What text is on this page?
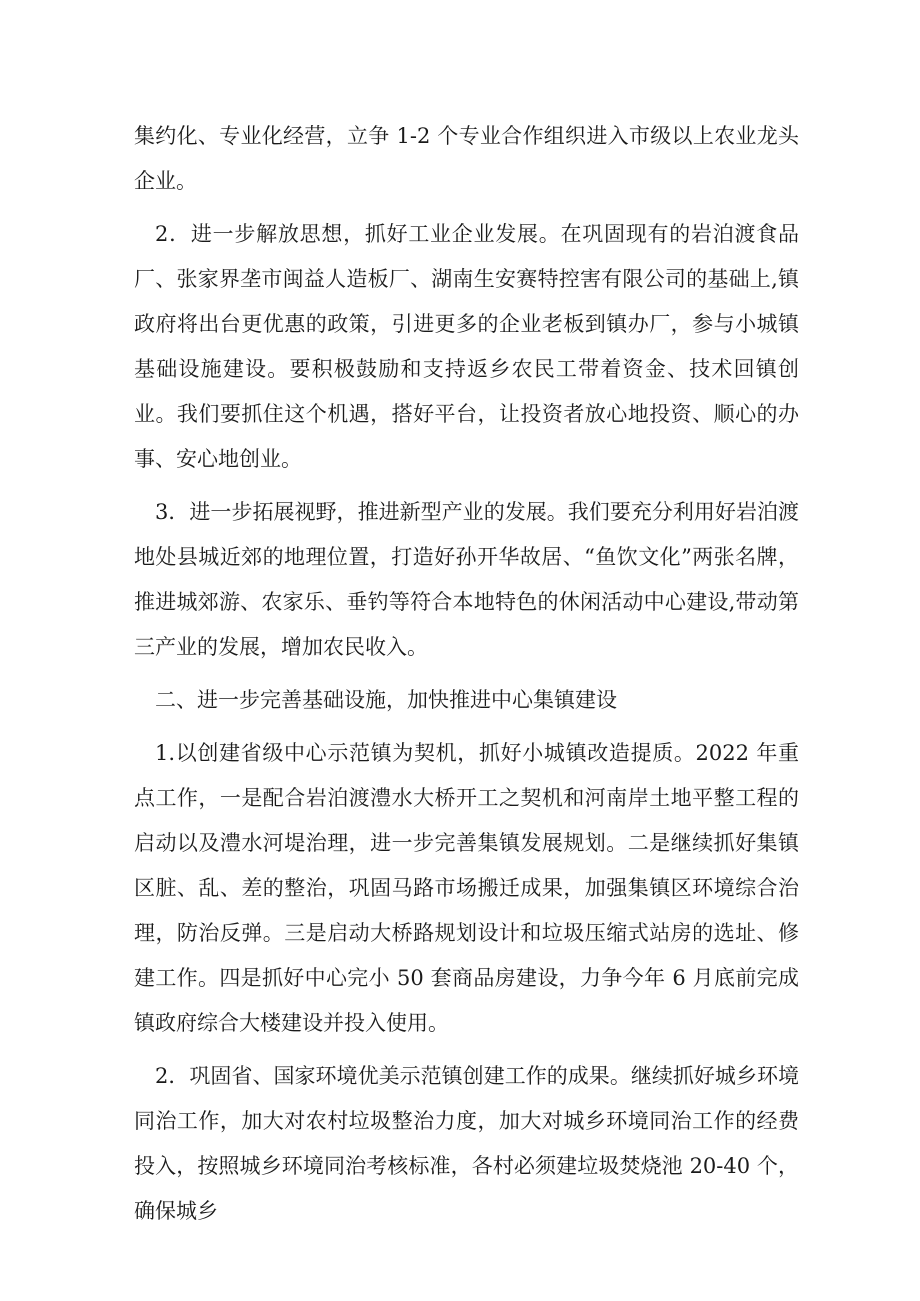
集约化、专业化经营，立争 1-2 个专业合作组织进入市级以上农业龙头企业。

2．进一步解放思想，抓好工业企业发展。在巩固现有的岩泊渡食品厂、张家界垄市闽益人造板厂、湖南生安赛特控害有限公司的基础上,镇政府将出台更优惠的政策，引进更多的企业老板到镇办厂，参与小城镇基础设施建设。要积极鼓励和支持返乡农民工带着资金、技术回镇创业。我们要抓住这个机遇，搭好平台，让投资者放心地投资、顺心的办事、安心地创业。

3．进一步拓展视野，推进新型产业的发展。我们要充分利用好岩泊渡地处县城近郊的地理位置，打造好孙开华故居、“鱼饮文化”两张名牌，推进城郊游、农家乐、垂钓等符合本地特色的休闲活动中心建设,带动第三产业的发展，增加农民收入。

二、进一步完善基础设施，加快推进中心集镇建设

1.以创建省级中心示范镇为契机，抓好小城镇改造提质。2022 年重点工作，一是配合岩泊渡澧水大桥开工之契机和河南岸土地平整工程的启动以及澧水河堤治理，进一步完善集镇发展规划。二是继续抓好集镇区脏、乱、差的整治，巩固马路市场搬迁成果，加强集镇区环境综合治理，防治反弹。三是启动大桥路规划设计和垃圾压缩式站房的选址、修建工作。四是抓好中心完小 50 套商品房建设，力争今年 6 月底前完成镇政府综合大楼建设并投入使用。

2．巩固省、国家环境优美示范镇创建工作的成果。继续抓好城乡环境同治工作，加大对农村垃圾整治力度，加大对城乡环境同治工作的经费投入，按照城乡环境同治考核标准，各村必须建垃圾焚烧池 20-40 个，确保城乡
